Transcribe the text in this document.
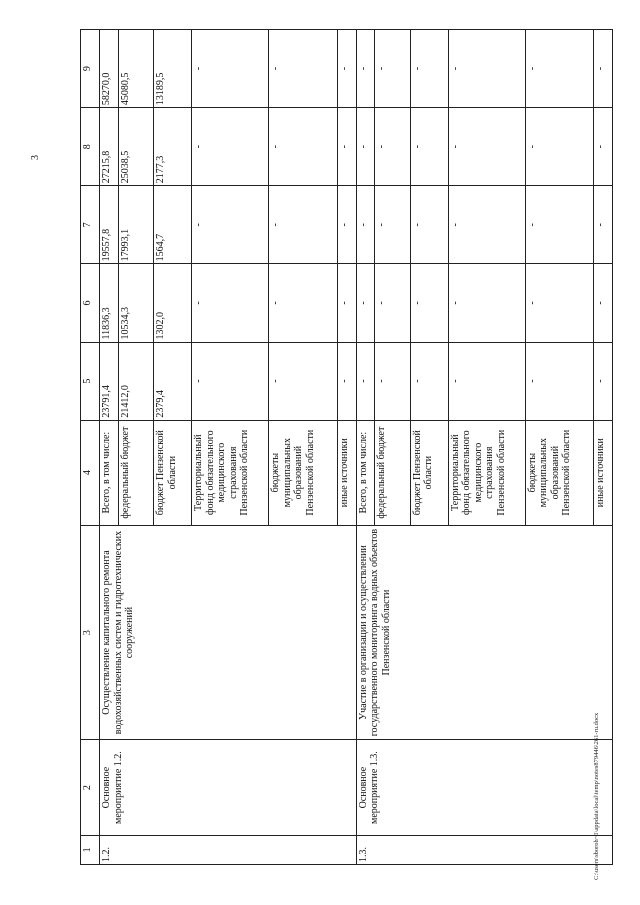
3
1	2	3	4	5	6	7	8	9
1.2.	Основное мероприятие 1.2.	Осуществление капитального ремонта водохозяйственных систем и гидротехнических сооружений	Всего, в том числе:	23791,4	11836,3	19557,8	27215,8	58270,0
			федеральный бюджет	21412,0	10534,3	17993,1	25038,5	45080,5
			бюджет Пензенской области	2379,4	1302,0	1564,7	2177,3	13189,5
			Территориальный фонд обязательного медицинского страхования Пензенской области	-	-	-	-	-
			бюджеты муниципальных образований Пензенской области	-	-	-	-	-
			иные источники	-	-	-	-	-
1.3.	Основное мероприятие 1.3.	Участие в организации и осуществлении государственного мониторинга водных объектов Пензенской области	Всего, в том числе:	-	-	-	-	-
			федеральный бюджет	-	-	-	-	-
			бюджет Пензенской области	-	-	-	-	-
			Территориальный фонд обязательного медицинского страхования Пензенской области	-	-	-	-	-
			бюджеты муниципальных образований Пензенской области	-	-	-	-	-
			иные источники	-	-	-	-	-
C:\users\sboroh~1\appdata\local\temp\notes879446\261-ru.docx
